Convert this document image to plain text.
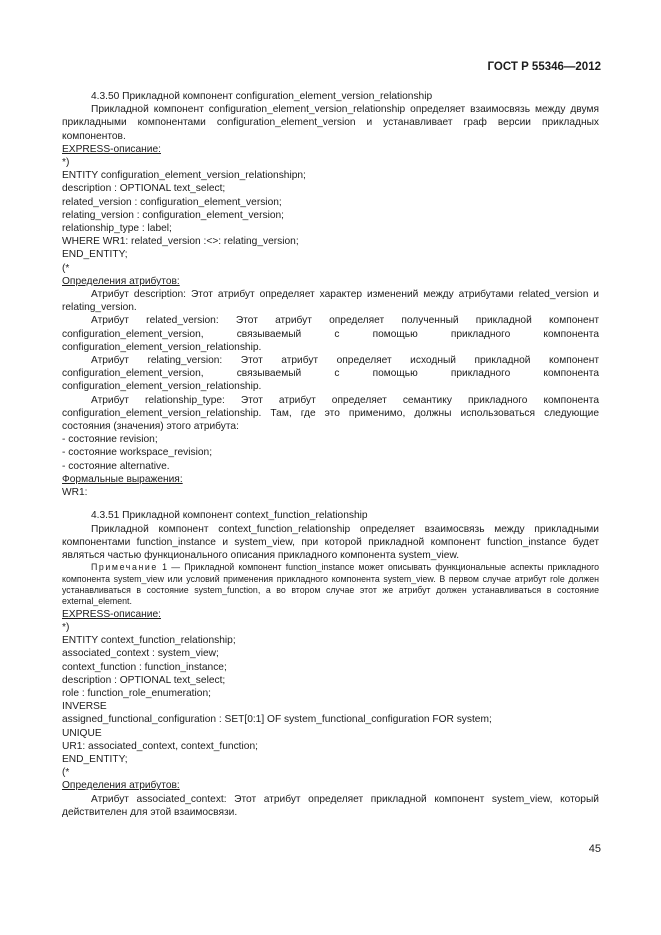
ГОСТ Р 55346—2012

4.3.50 Прикладной компонент configuration_element_version_relationship

Прикладной компонент configuration_element_version_relationship определяет взаимосвязь между двумя прикладными компонентами configuration_element_version и устанавливает граф версии прикладных компонентов.

EXPRESS-описание:

*)

ENTITY configuration_element_version_relationshipn;

description : OPTIONAL text_select;

related_version : configuration_element_version;

relating_version : configuration_element_version;

relationship_type : label;

WHERE WR1: related_version :<>: relating_version;

END_ENTITY;

(*

Определения атрибутов:

Атрибут description: Этот атрибут определяет характер изменений между атрибутами related_version и relating_version.

Атрибут related_version: Этот атрибут определяет полученный прикладной компонент configuration_element_version, связываемый с помощью прикладного компонента configuration_element_version_relationship.

Атрибут relating_version: Этот атрибут определяет исходный прикладной компонент configuration_element_version, связываемый с помощью прикладного компонента configuration_element_version_relationship.

Атрибут relationship_type: Этот атрибут определяет семантику прикладного компонента configuration_element_version_relationship. Там, где это применимо, должны использоваться следующие состояния (значения) этого атрибута:

- состояние revision;

- состояние workspace_revision;

- состояние alternative.

Формальные выражения:

WR1:

4.3.51 Прикладной компонент context_function_relationship

Прикладной компонент context_function_relationship определяет взаимосвязь между прикладными компонентами function_instance и system_view, при которой прикладной компонент function_instance будет являться частью функционального описания прикладного компонента system_view.

Примечание 1 — Прикладной компонент function_instance может описывать функциональные аспекты прикладного компонента system_view или условий применения прикладного компонента system_view. В первом случае атрибут role должен устанавливаться в состояние system_function, а во втором случае этот же атрибут должен устанавливаться в состояние external_element.

EXPRESS-описание:

*)

ENTITY context_function_relationship;

associated_context : system_view;

context_function : function_instance;

description : OPTIONAL text_select;

role : function_role_enumeration;

INVERSE

assigned_functional_configuration : SET[0:1] OF system_functional_configuration FOR system;

UNIQUE

UR1: associated_context, context_function;

END_ENTITY;

(*

Определения атрибутов:

Атрибут associated_context: Этот атрибут определяет прикладной компонент system_view, который действителен для этой взаимосвязи.

45
